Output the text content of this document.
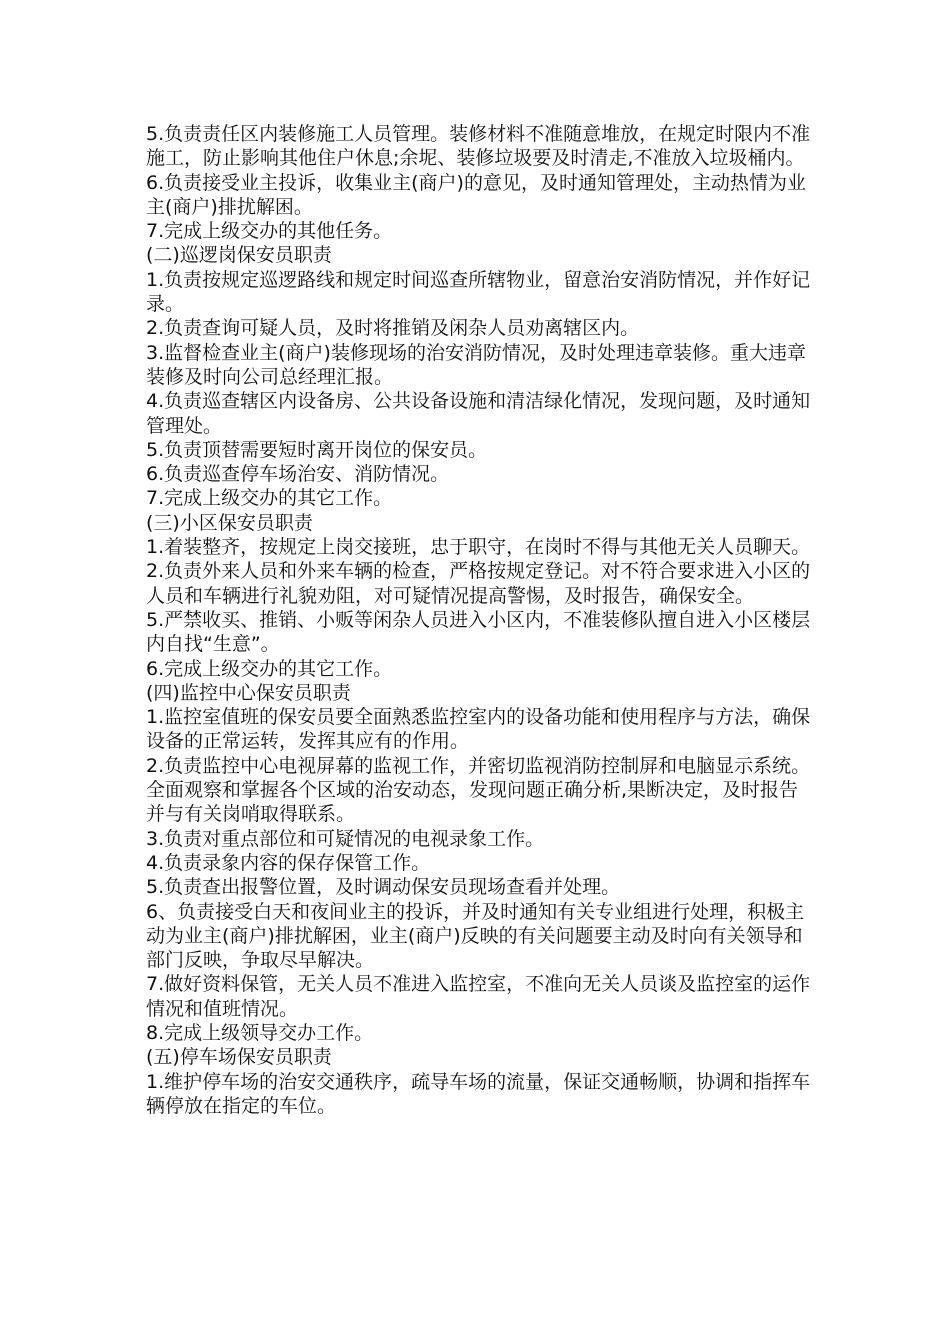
5.负责责任区内装修施工人员管理。装修材料不准随意堆放，在规定时限内不准施工，防止影响其他住户休息;余坭、装修垃圾要及时清走,不准放入垃圾桶内。

6.负责接受业主投诉，收集业主(商户)的意见，及时通知管理处，主动热情为业主(商户)排扰解困。

7.完成上级交办的其他任务。

(二)巡逻岗保安员职责

1.负责按规定巡逻路线和规定时间巡查所辖物业，留意治安消防情况，并作好记录。

2.负责查询可疑人员，及时将推销及闲杂人员劝离辖区内。

3.监督检查业主(商户)装修现场的治安消防情况，及时处理违章装修。重大违章装修及时向公司总经理汇报。

4.负责巡查辖区内设备房、公共设备设施和清洁绿化情况，发现问题，及时通知管理处。

5.负责顶替需要短时离开岗位的保安员。

6.负责巡查停车场治安、消防情况。

7.完成上级交办的其它工作。

(三)小区保安员职责

1.着装整齐，按规定上岗交接班，忠于职守，在岗时不得与其他无关人员聊天。

2.负责外来人员和外来车辆的检查，严格按规定登记。对不符合要求进入小区的人员和车辆进行礼貌劝阻，对可疑情况提高警惕，及时报告，确保安全。

5.严禁收买、推销、小贩等闲杂人员进入小区内，不准装修队擅自进入小区楼层内自找“生意”。

6.完成上级交办的其它工作。

(四)监控中心保安员职责

1.监控室值班的保安员要全面熟悉监控室内的设备功能和使用程序与方法，确保设备的正常运转，发挥其应有的作用。

2.负责监控中心电视屏幕的监视工作，并密切监视消防控制屏和电脑显示系统。全面观察和掌握各个区域的治安动态，发现问题正确分析,果断决定，及时报告并与有关岗哨取得联系。

3.负责对重点部位和可疑情况的电视录象工作。

4.负责录象内容的保存保管工作。

5.负责查出报警位置，及时调动保安员现场查看并处理。

6、负责接受白天和夜间业主的投诉，并及时通知有关专业组进行处理，积极主动为业主(商户)排扰解困，业主(商户)反映的有关问题要主动及时向有关领导和部门反映，争取尽早解决。

7.做好资料保管，无关人员不准进入监控室，不准向无关人员谈及监控室的运作情况和值班情况。

8.完成上级领导交办工作。

(五)停车场保安员职责

1.维护停车场的治安交通秩序，疏导车场的流量，保证交通畅顺，协调和指挥车辆停放在指定的车位。
